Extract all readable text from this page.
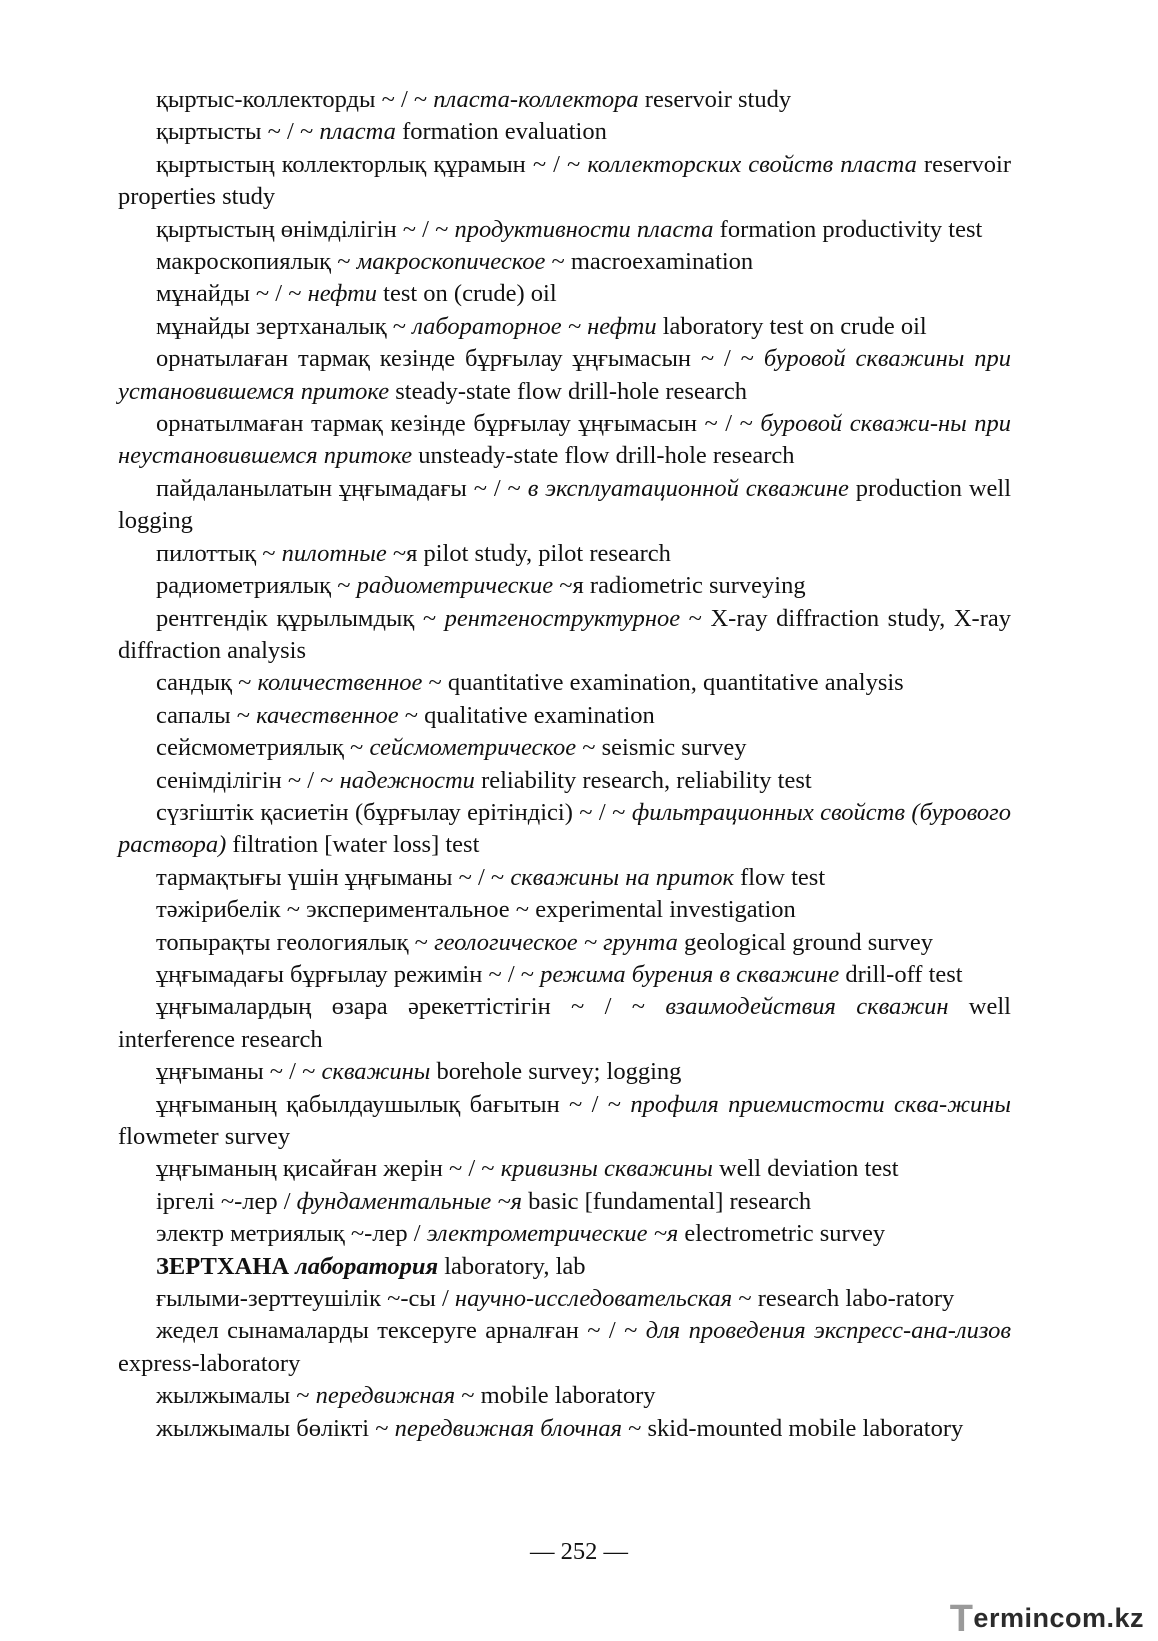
қыртыс-коллекторды ~ / ~ пласта-коллектора reservoir study

қыртысты ~ / ~ пласта formation evaluation

қыртыстың коллекторлық құрамын ~ / ~ коллекторских свойств пласта reservoir properties study

қыртыстың өнімділігін ~ / ~ продуктивности пласта formation productivity test

макроскопиялық ~ макроскопическое ~ macroexamination

мұнайды ~ / ~ нефти test on (crude) oil

мұнайды зертханалық ~ лабораторное ~ нефти laboratory test on crude oil

орнатылаған тармақ кезінде бұрғылау ұңғымасын ~ / ~ буровой скважины при установившемся притоке steady-state flow drill-hole research

орнатылмаған тармақ кезінде бұрғылау ұңғымасын ~ / ~ буровой скважи-ны при неустановившемся притоке unsteady-state flow drill-hole research

пайдаланылатын ұңғымадағы ~ / ~ в эксплуатационной скважине production well logging

пилоттық ~ пилотные ~я pilot study, pilot research

радиометриялық ~ радиометрические ~я radiometric surveying

рентгендік құрылымдық ~ рентгеноструктурное ~ X-ray diffraction study, X-ray diffraction analysis

сандық ~ количественное ~ quantitative examination, quantitative analysis

сапалы ~ качественное ~ qualitative examination

сейсмометриялық ~ сейсмометрическое ~ seismic survey

сенімділігін ~ / ~ надежности reliability research, reliability test

сүзгіштік қасиетін (бұрғылау ерітіндісі) ~ / ~ фильтрационных свойств (бурового раствора) filtration [water loss] test

тармақтығы үшін ұңғыманы ~ / ~ скважины на приток flow test

тәжірибелік ~ экспериментальное ~ experimental investigation

топырақты геологиялық ~ геологическое ~ грунта geological ground survey

ұңғымадағы бұрғылау режимін ~ / ~ режима бурения в скважине drill-off test

ұңғымалардың өзара әрекеттістігін ~ / ~ взаимодействия скважин well interference research

ұңғыманы ~ / ~ скважины borehole survey; logging

ұңғыманың қабылдаушылық бағытын ~ / ~ профиля приемистости сква-жины flowmeter survey

ұңғыманың қисайған жерін ~ / ~ кривизны скважины well deviation test

іргелі ~-лер / фундаментальные ~я basic [fundamental] research

электр метриялық ~-лер / электрометрические ~я electrometric survey

ЗЕРТХАНА лаборатория laboratory, lab

ғылыми-зерттеушілік ~-сы / научно-исследовательская ~ research labo-ratory

жедел сынамаларды тексеруге арналған ~ / ~ для проведения экспресс-ана-лизов express-laboratory

жылжымалы ~ передвижная ~ mobile laboratory

жылжымалы бөлікті ~ передвижная блочная ~ skid-mounted mobile laboratory

— 252 —
Termincom.kz
